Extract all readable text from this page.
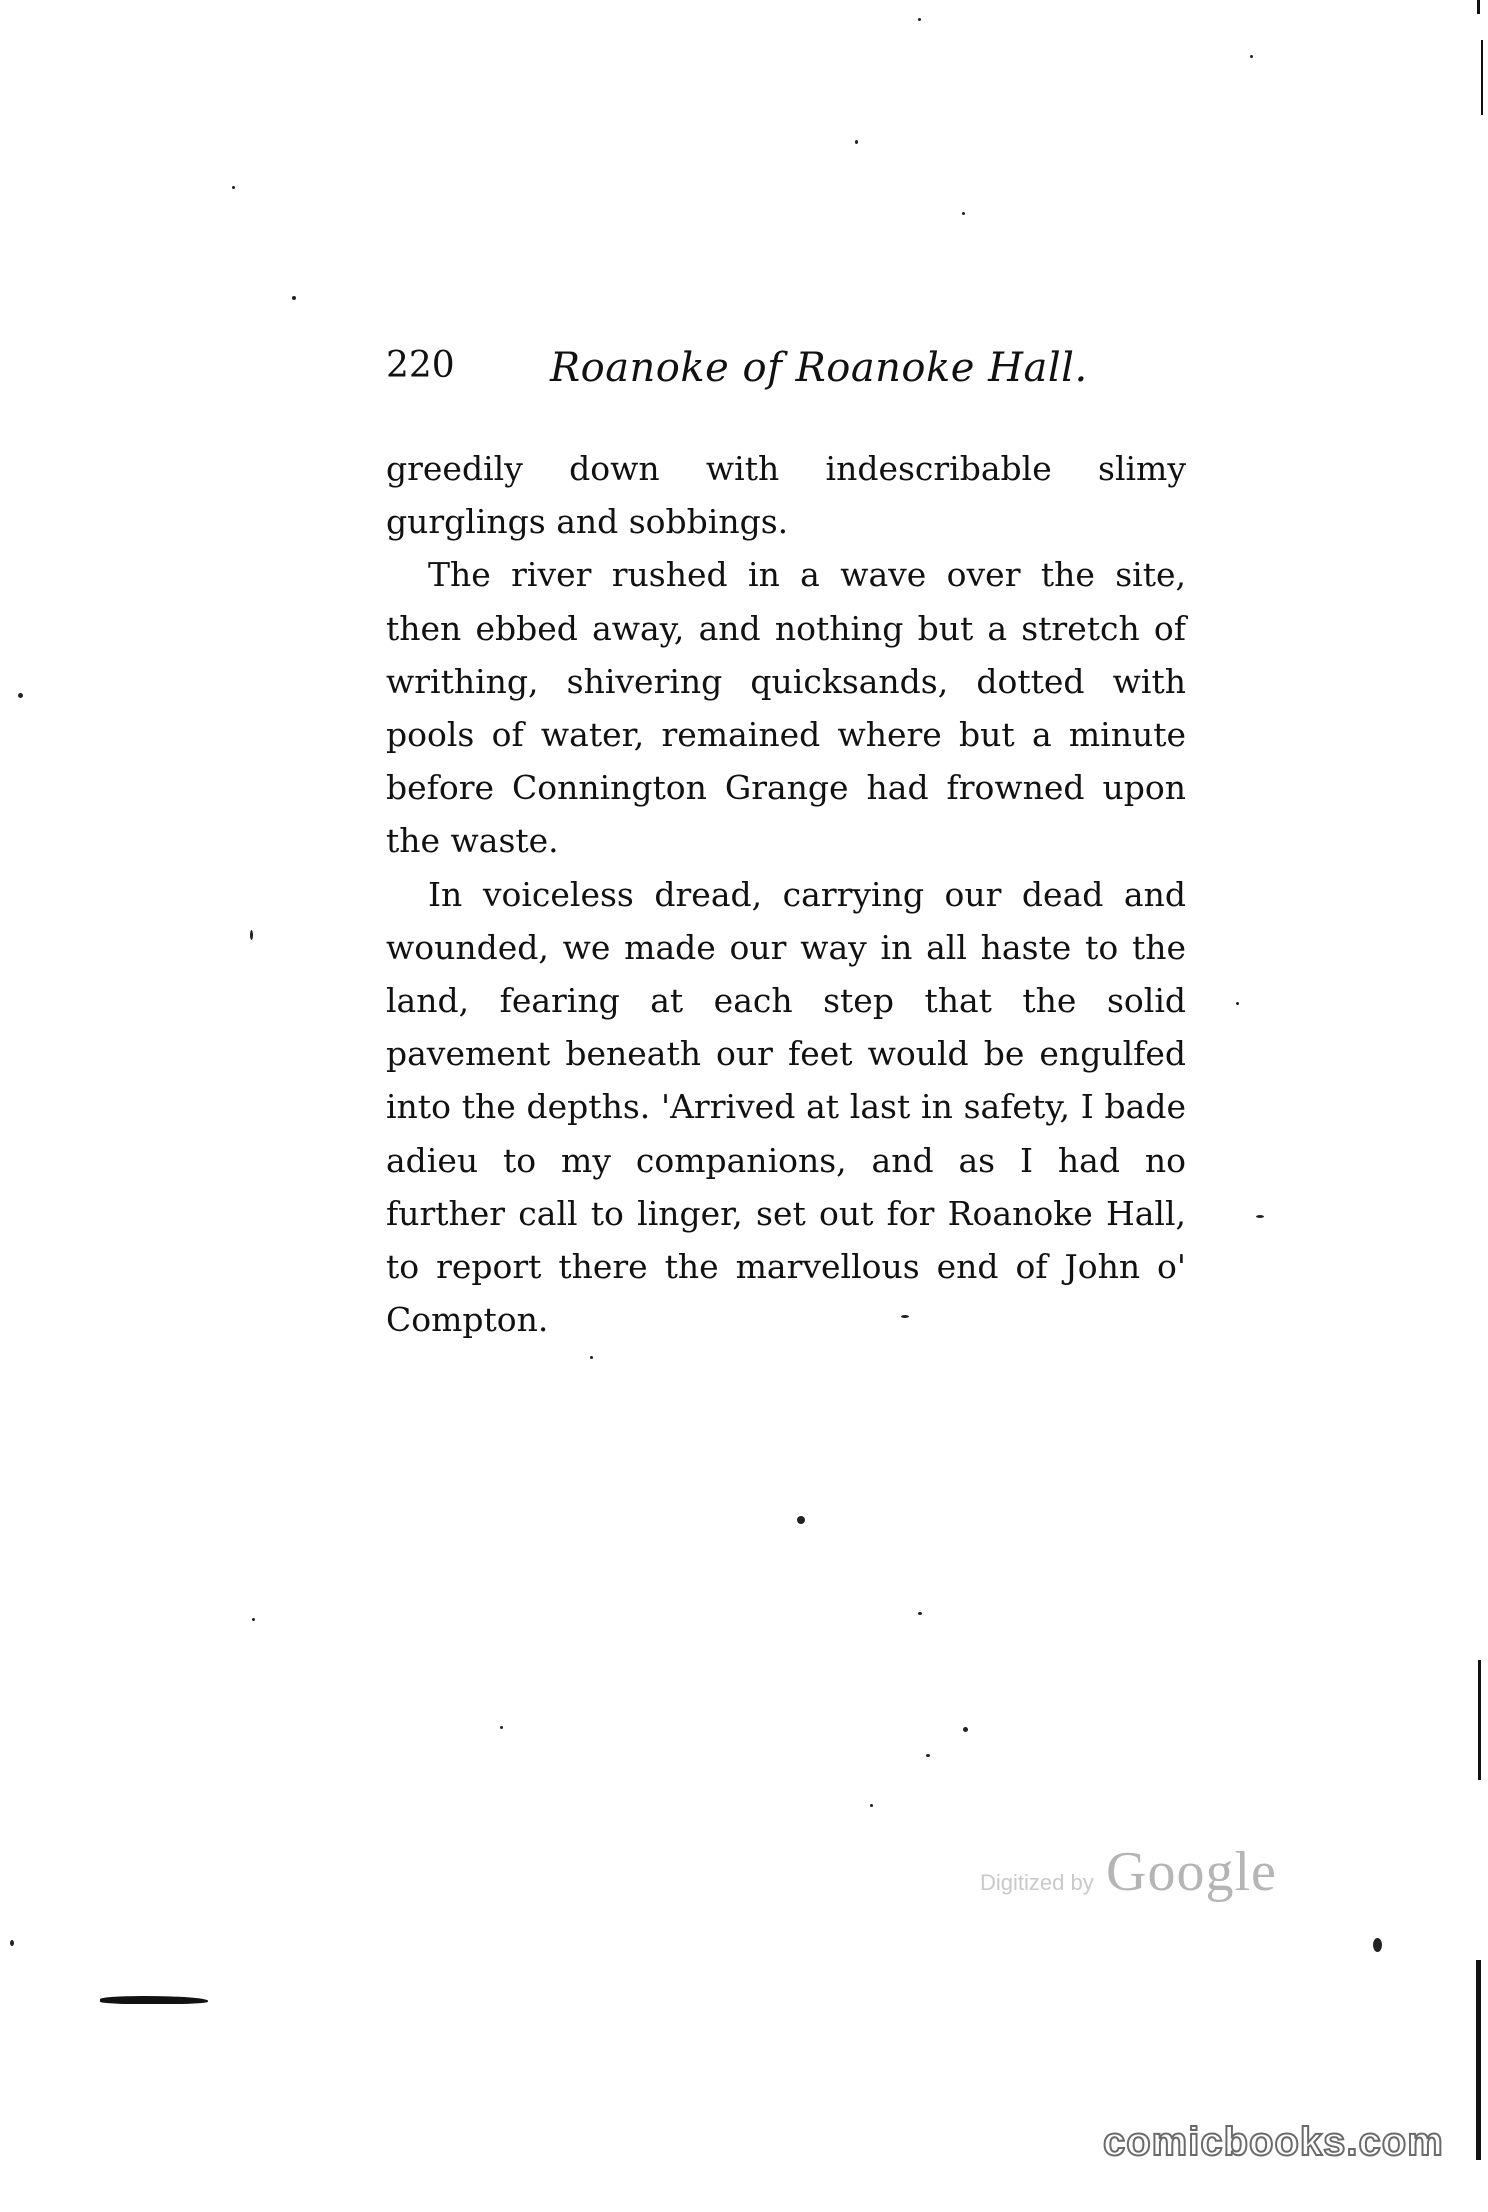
220 Roanoke of Roanoke Hall.

greedily down with indescribable slimy gurglings and sobbings.

The river rushed in a wave over the site, then ebbed away, and nothing but a stretch of writhing, shivering quicksands, dotted with pools of water, remained where but a minute before Connington Grange had frowned upon the waste.

In voiceless dread, carrying our dead and wounded, we made our way in all haste to the land, fearing at each step that the solid pavement beneath our feet would be engulfed into the depths. 'Arrived at last in safety, I bade adieu to my companions, and as I had no further call to linger, set out for Roanoke Hall, to report there the marvellous end of John o' Compton.

Digitized by Google
comicbooks.com
